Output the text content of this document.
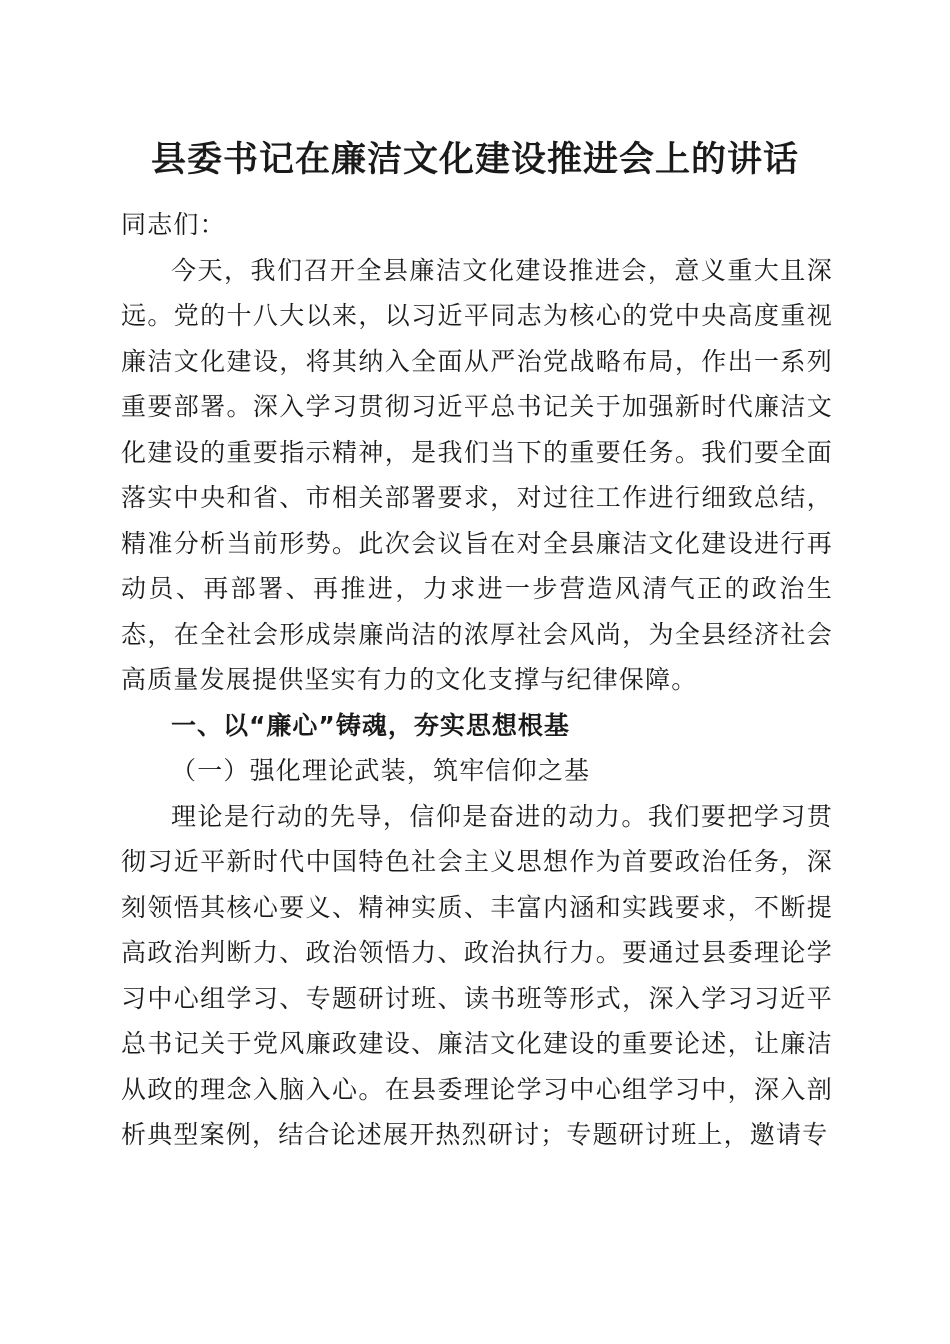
县委书记在廉洁文化建设推进会上的讲话

同志们：

今天，我们召开全县廉洁文化建设推进会，意义重大且深远。党的十八大以来，以习近平同志为核心的党中央高度重视廉洁文化建设，将其纳入全面从严治党战略布局，作出一系列重要部署。深入学习贯彻习近平总书记关于加强新时代廉洁文化建设的重要指示精神，是我们当下的重要任务。我们要全面落实中央和省、市相关部署要求，对过往工作进行细致总结，精准分析当前形势。此次会议旨在对全县廉洁文化建设进行再动员、再部署、再推进，力求进一步营造风清气正的政治生态，在全社会形成崇廉尚洁的浓厚社会风尚，为全县经济社会高质量发展提供坚实有力的文化支撑与纪律保障。

一、以“廉心”铸魂，夯实思想根基

（一）强化理论武装，筑牢信仰之基

理论是行动的先导，信仰是奋进的动力。我们要把学习贯彻习近平新时代中国特色社会主义思想作为首要政治任务，深刻领悟其核心要义、精神实质、丰富内涵和实践要求，不断提高政治判断力、政治领悟力、政治执行力。要通过县委理论学习中心组学习、专题研讨班、读书班等形式，深入学习习近平总书记关于党风廉政建设、廉洁文化建设的重要论述，让廉洁从政的理念入脑入心。在县委理论学习中心组学习中，深入剖析典型案例，结合论述展开热烈研讨；专题研讨班上，邀请专
